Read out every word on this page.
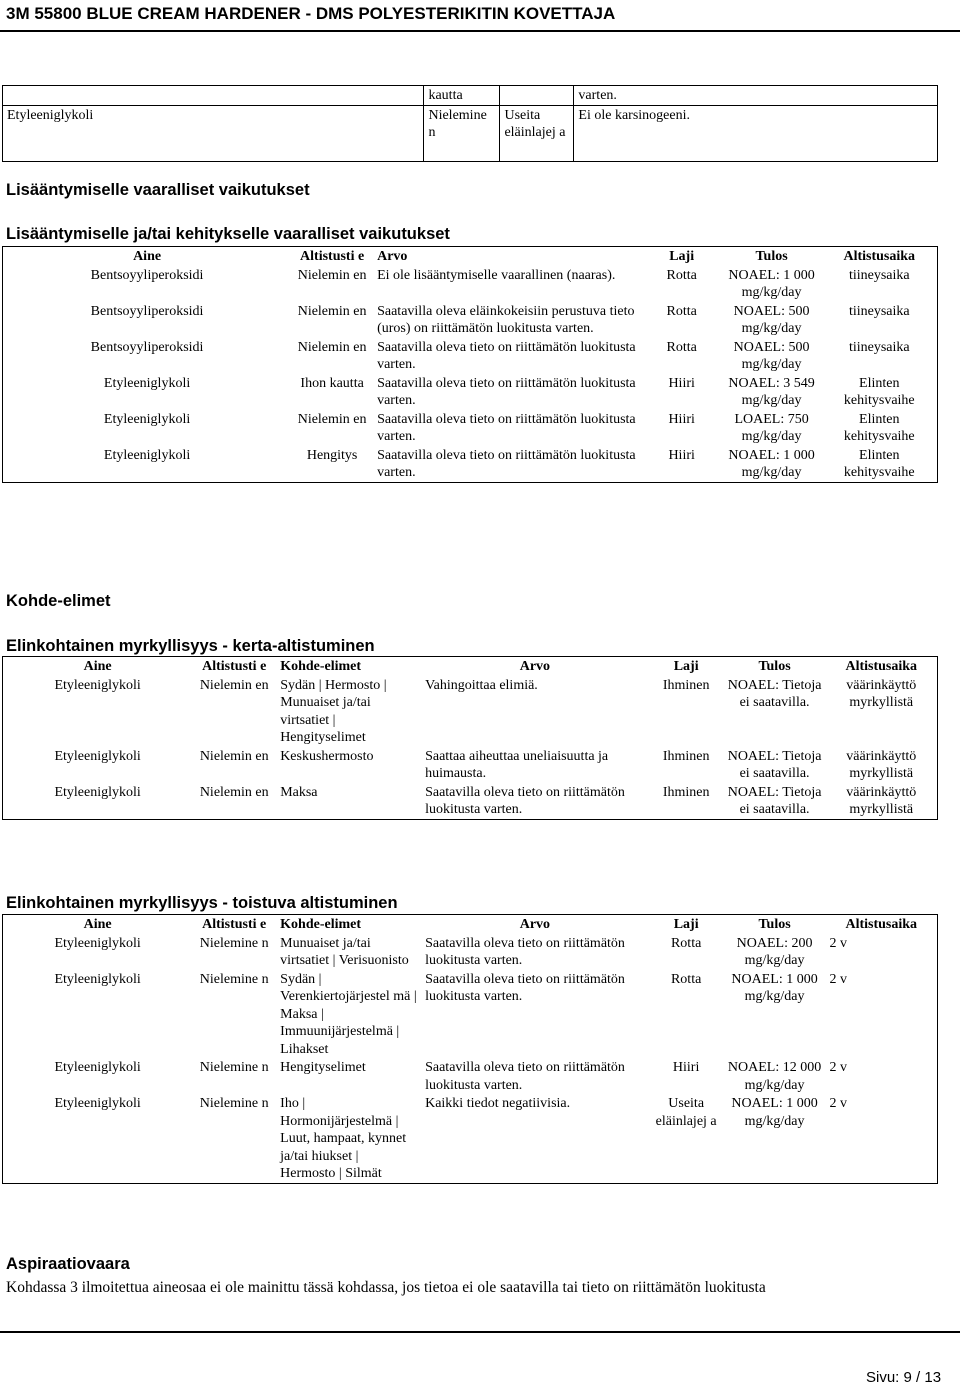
3M 55800 BLUE CREAM HARDENER - DMS POLYESTERIKITIN KOVETTAJA
	kautta		varten.
Etyleeniglykoli	Nielemine n	Useita eläinlajej a	Ei ole karsinogeeni.
Lisääntymiselle vaaralliset vaikutukset
Lisääntymiselle ja/tai kehitykselle vaaralliset vaikutukset
Aine	Altistusti e	Arvo	Laji	Tulos	Altistusaika
Bentsoyyliperoksidi	Nielemin en	Ei ole lisääntymiselle vaarallinen (naaras).	Rotta	NOAEL: 1 000 mg/kg/day	tiineysaika
Bentsoyyliperoksidi	Nielemin en	Saatavilla oleva eläinkokeisiin perustuva tieto (uros) on riittämätön luokitusta varten.	Rotta	NOAEL: 500 mg/kg/day	tiineysaika
Bentsoyyliperoksidi	Nielemin en	Saatavilla oleva tieto on riittämätön luokitusta varten.	Rotta	NOAEL: 500 mg/kg/day	tiineysaika
Etyleeniglykoli	Ihon kautta	Saatavilla oleva tieto on riittämätön luokitusta varten.	Hiiri	NOAEL: 3 549 mg/kg/day	Elinten kehitysvaihe
Etyleeniglykoli	Nielemin en	Saatavilla oleva tieto on riittämätön luokitusta varten.	Hiiri	LOAEL: 750 mg/kg/day	Elinten kehitysvaihe
Etyleeniglykoli	Hengitys	Saatavilla oleva tieto on riittämätön luokitusta varten.	Hiiri	NOAEL: 1 000 mg/kg/day	Elinten kehitysvaihe
Kohde-elimet
Elinkohtainen myrkyllisyys - kerta-altistuminen
Aine	Altistusti e	Kohde-elimet	Arvo	Laji	Tulos	Altistusaika
Etyleeniglykoli	Nielemin en	Sydän | Hermosto | Munuaiset ja/tai virtsatiet | Hengityselimet	Vahingoittaa elimiä.	Ihminen	NOAEL: Tietoja ei saatavilla.	väärinkäyttö myrkyllistä
Etyleeniglykoli	Nielemin en	Keskushermosto	Saattaa aiheuttaa uneliaisuutta ja huimausta.	Ihminen	NOAEL: Tietoja ei saatavilla.	väärinkäyttö myrkyllistä
Etyleeniglykoli	Nielemin en	Maksa	Saatavilla oleva tieto on riittämätön luokitusta varten.	Ihminen	NOAEL: Tietoja ei saatavilla.	väärinkäyttö myrkyllistä
Elinkohtainen myrkyllisyys - toistuva altistuminen
Aine	Altistusti e	Kohde-elimet	Arvo	Laji	Tulos	Altistusaika
Etyleeniglykoli	Nielemine n	Munuaiset ja/tai virtsatiet | Verisuonisto	Saatavilla oleva tieto on riittämätön luokitusta varten.	Rotta	NOAEL: 200 mg/kg/day	2 v
Etyleeniglykoli	Nielemine n	Sydän | Verenkiertojärjestel mä | Maksa | Immuunijärjestelmä | Lihakset	Saatavilla oleva tieto on riittämätön luokitusta varten.	Rotta	NOAEL: 1 000 mg/kg/day	2 v
Etyleeniglykoli	Nielemine n	Hengityselimet	Saatavilla oleva tieto on riittämätön luokitusta varten.	Hiiri	NOAEL: 12 000 mg/kg/day	2 v
Etyleeniglykoli	Nielemine n	Iho | Hormonijärjestelmä | Luut, hampaat, kynnet ja/tai hiukset | Hermosto | Silmät	Kaikki tiedot negatiivisia.	Useita eläinlajej a	NOAEL: 1 000 mg/kg/day	2 v
Aspiraatiovaara
Kohdassa 3 ilmoitettua aineosaa ei ole mainittu tässä kohdassa, jos tietoa ei ole saatavilla tai tieto on riittämätön luokitusta
Sivu: 9 / 13
